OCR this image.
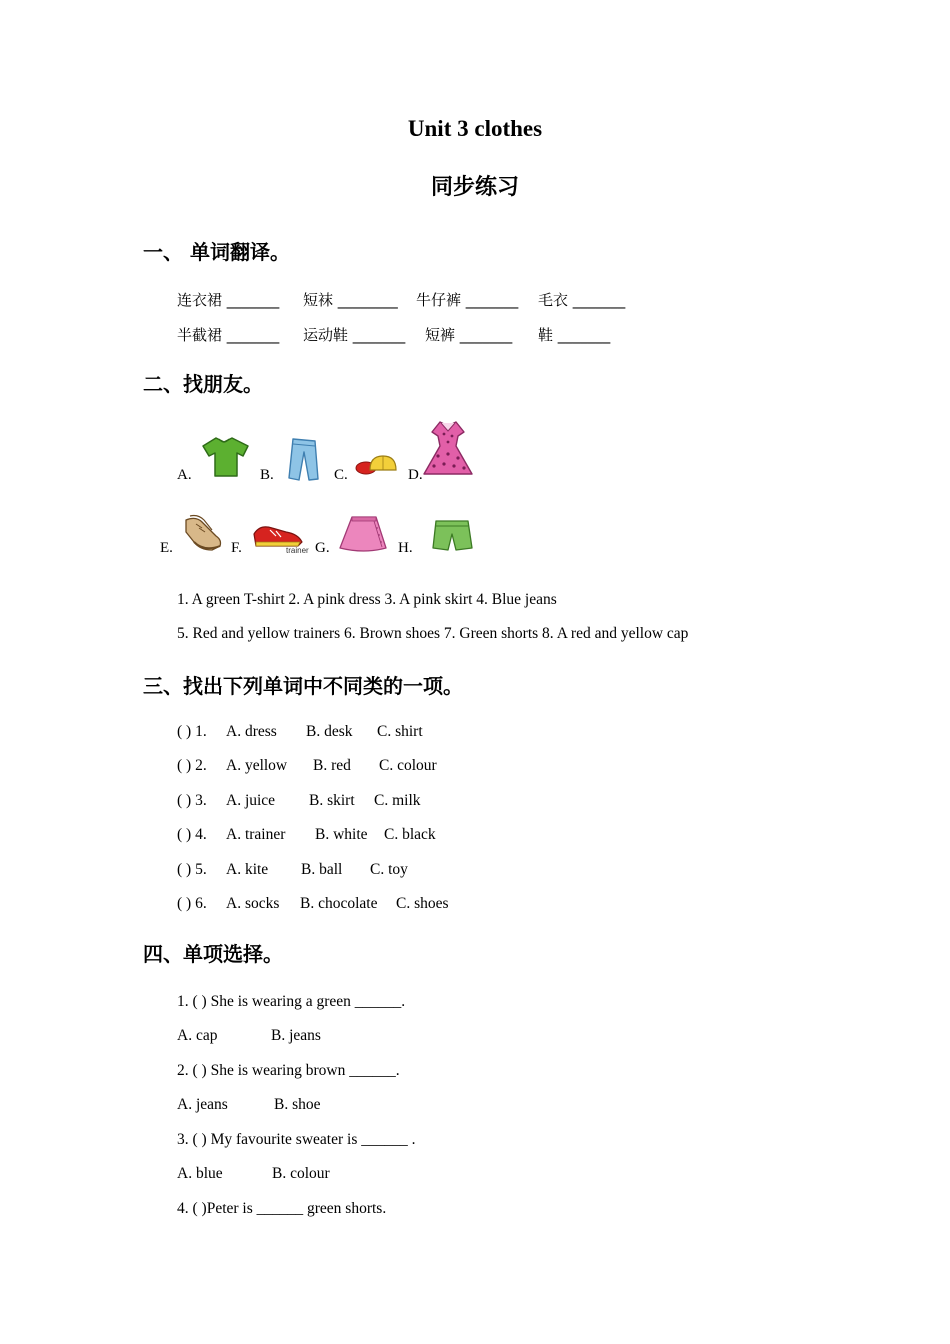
Unit 3 clothes
同步练习
一、 单词翻译。
连衣裙 _______ 短袜 ________ 牛仔裤 _______ 毛衣 _______
半截裙 _______ 运动鞋 _______ 短裤 _______ 鞋 _______
二、找朋友。
A.	B.	C.	D.
E.	F.	G.	H.
trainer
1. A green T-shirt 2. A pink dress 3. A pink skirt 4. Blue jeans
5. Red and yellow trainers 6. Brown shoes 7. Green shorts 8. A red and yellow cap
三、找出下列单词中不同类的一项。
( ) 1. A. dress B. desk C. shirt
( ) 2. A. yellow B. red C. colour
( ) 3. A. juice B. skirt C. milk
( ) 4. A. trainer B. white C. black
( ) 5. A. kite B. ball C. toy
( ) 6. A. socks B. chocolate C. shoes
四、单项选择。
1. ( ) She is wearing a green ______.
A. cap	B. jeans
2. ( ) She is wearing brown ______.
A. jeans	B. shoe
3. ( ) My favourite sweater is ______ .
A. blue	B. colour
4. ( )Peter is ______ green shorts.
